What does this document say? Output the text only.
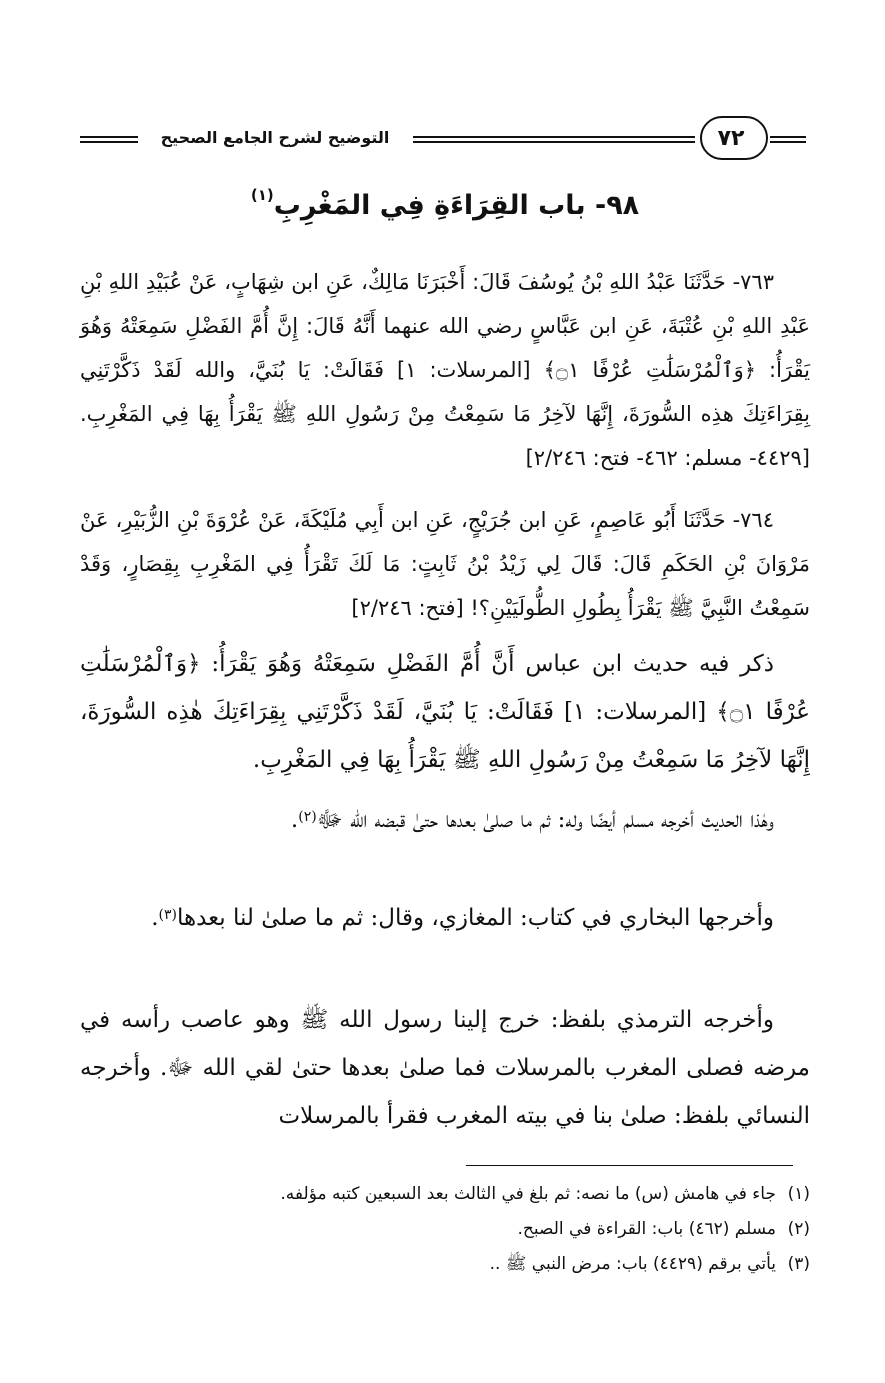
التوضيح لشرح الجامع الصحيح	٧٢
٩٨- باب القِرَاءَةِ فِي المَغْرِبِ$^{(١)}$

٧٦٣- حَدَّثَنَا عَبْدُ اللهِ بْنُ يُوسُفَ قَالَ: أَخْبَرَنَا مَالِكٌ، عَنِ ابن شِهَابٍ، عَنْ عُبَيْدِ اللهِ بْنِ عَبْدِ اللهِ بْنِ عُتْبَةَ، عَنِ ابن عَبَّاسٍ رضي الله عنهما أَنَّهُ قَالَ: إِنَّ أُمَّ الفَضْلِ سَمِعَتْهُ وَهُوَ يَقْرَأُ: ﴿وَٱلْمُرْسَلَٰتِ عُرْفًا ۝١﴾ [المرسلات: ١] فَقَالَتْ: يَا بُنَيَّ، والله لَقَدْ ذَكَّرْتَنِي بِقِرَاءَتِكَ هذِه السُّورَةَ، إِنَّهَا لآخِرُ مَا سَمِعْتُ مِنْ رَسُولِ اللهِ ﷺ يَقْرَأُ بِهَا فِي المَغْرِبِ. [٤٤٢٩- مسلم: ٤٦٢- فتح: ٢/٢٤٦]

٧٦٤- حَدَّثَنَا أَبُو عَاصِمٍ، عَنِ ابن جُرَيْجٍ، عَنِ ابن أَبِي مُلَيْكَةَ، عَنْ عُرْوَةَ بْنِ الزُّبَيْرِ، عَنْ مَرْوَانَ بْنِ الحَكَمِ قَالَ: قَالَ لِي زَيْدُ بْنُ ثَابِتٍ: مَا لَكَ تَقْرَأُ فِي المَغْرِبِ بِقِصَارٍ، وَقَدْ سَمِعْتُ النَّبِيَّ ﷺ يَقْرَأُ بِطُولِ الطُّولَيَيْنِ؟! [فتح: ٢/٢٤٦]

ذكر فيه حديث ابن عباس أَنَّ أُمَّ الفَضْلِ سَمِعَتْهُ وَهُوَ يَقْرَأُ: ﴿وَٱلْمُرْسَلَٰتِ عُرْفًا ۝١﴾ [المرسلات: ١] فَقَالَتْ: يَا بُنَيَّ، لَقَدْ ذَكَّرْتَنِي بِقِرَاءَتِكَ هٰذِه السُّورَةَ، إِنَّهَا لآخِرُ مَا سَمِعْتُ مِنْ رَسُولِ اللهِ ﷺ يَقْرَأُ بِهَا فِي المَغْرِبِ.

وهٰذا الحديث أخرجه مسلم أيضًا وله: ثم ما صلىٰ بعدها حتىٰ قبضه الله ﷻ$^{(٢)}$.

وأخرجها البخاري في كتاب: المغازي، وقال: ثم ما صلىٰ لنا بعدها$^{(٣)}$.

وأخرجه الترمذي بلفظ: خرج إلينا رسول الله ﷺ وهو عاصب رأسه في مرضه فصلى المغرب بالمرسلات فما صلىٰ بعدها حتىٰ لقي الله ﷻ. وأخرجه النسائي بلفظ: صلىٰ بنا في بيته المغرب فقرأ بالمرسلات

(١)جاء في هامش (س) ما نصه: ثم بلغ في الثالث بعد السبعين كتبه مؤلفه.
(٢)مسلم (٤٦٢) باب: القراءة في الصبح.
(٣)يأتي برقم (٤٤٢٩) باب: مرض النبي ﷺ ..
